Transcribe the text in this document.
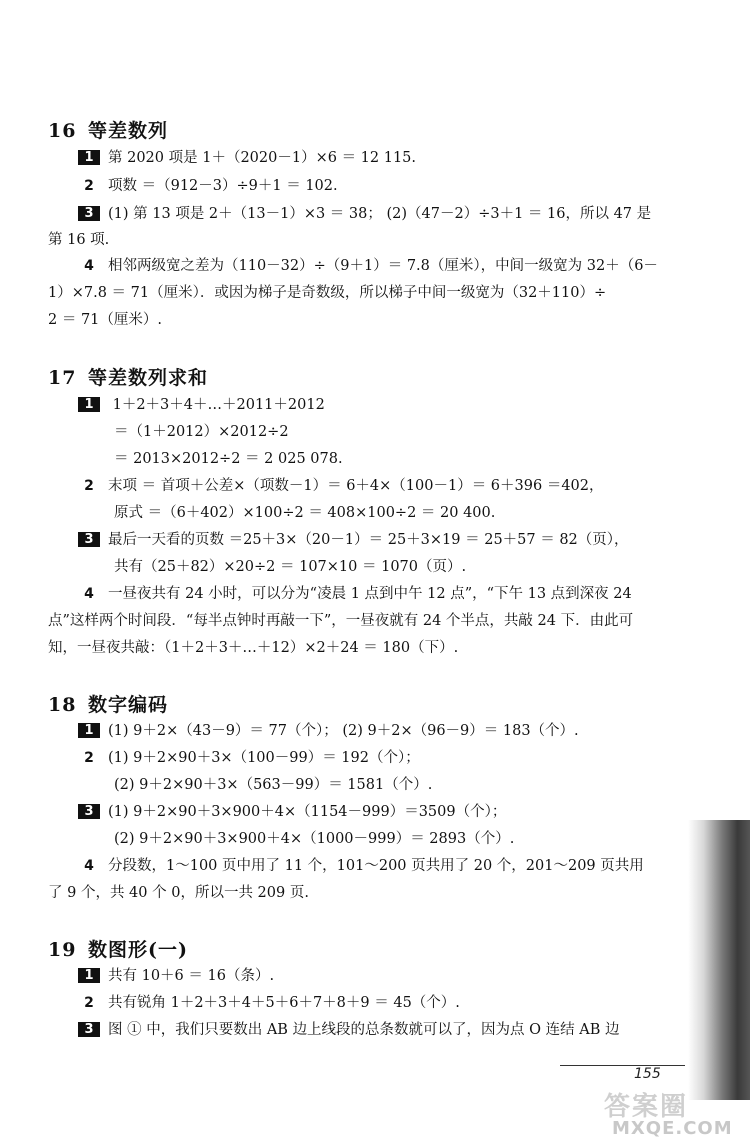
16 等差数列
1 第 2020 项是 1＋（2020－1）×6 ＝ 12 115.
2 项数 ＝（912－3）÷9＋1 ＝ 102.
3 (1) 第 13 项是 2＋（13－1）×3 ＝ 38； (2)（47－2）÷3＋1 ＝ 16，所以 47 是
第 16 项.
4 相邻两级宽之差为（110－32）÷（9＋1）＝ 7.8（厘米），中间一级宽为 32＋（6－
1）×7.8 ＝ 71（厘米）．或因为梯子是奇数级，所以梯子中间一级宽为（32＋110）÷
2 ＝ 71（厘米）.
17 等差数列求和
1 1＋2＋3＋4＋…＋2011＋2012
＝（1＋2012）×2012÷2
＝ 2013×2012÷2 ＝ 2 025 078.
2 末项 ＝ 首项＋公差×（项数－1）＝ 6＋4×（100－1）＝ 6＋396 ＝402，
原式 ＝（6＋402）×100÷2 ＝ 408×100÷2 ＝ 20 400.
3 最后一天看的页数 ＝25＋3×（20－1）＝ 25＋3×19 ＝ 25＋57 ＝ 82（页），
共有（25＋82）×20÷2 ＝ 107×10 ＝ 1070（页）.
4 一昼夜共有 24 小时，可以分为“凌晨 1 点到中午 12 点”，“下午 13 点到深夜 24
点”这样两个时间段．“每半点钟时再敲一下”，一昼夜就有 24 个半点，共敲 24 下．由此可
知，一昼夜共敲：（1＋2＋3＋…＋12）×2＋24 ＝ 180（下）.
18 数字编码
1 (1) 9＋2×（43－9）＝ 77（个）； (2) 9＋2×（96－9）＝ 183（个）.
2 (1) 9＋2×90＋3×（100－99）＝ 192（个）；
(2) 9＋2×90＋3×（563－99）＝ 1581（个）.
3 (1) 9＋2×90＋3×900＋4×（1154－999）＝3509（个）；
(2) 9＋2×90＋3×900＋4×（1000－999）＝ 2893（个）.
4 分段数，1～100 页中用了 11 个，101～200 页共用了 20 个，201～209 页共用
了 9 个，共 40 个 0，所以一共 209 页.
19 数图形(一)
1 共有 10＋6 ＝ 16（条）.
2 共有锐角 1＋2＋3＋4＋5＋6＋7＋8＋9 ＝ 45（个）.
3 图 ① 中，我们只要数出 AB 边上线段的总条数就可以了，因为点 O 连结 AB 边
155
答案圈
MXQE.COM
